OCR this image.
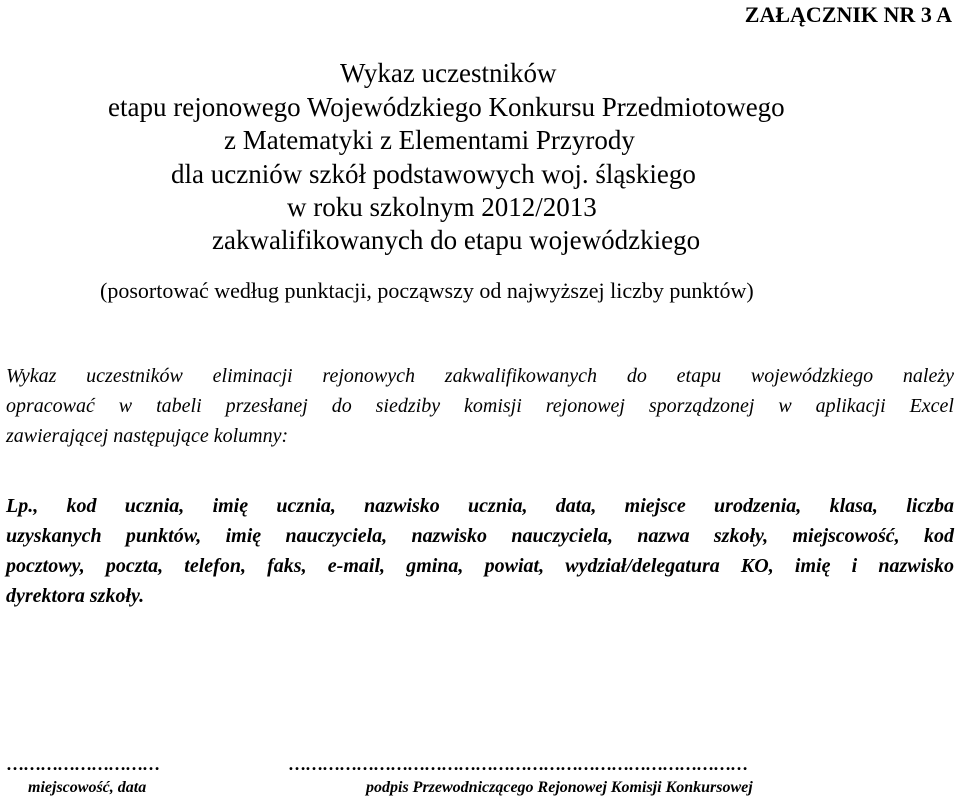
ZAŁĄCZNIK NR 3 A
Wykaz uczestników
etapu rejonowego Wojewódzkiego Konkursu Przedmiotowego
z Matematyki z Elementami Przyrody
dla uczniów szkół podstawowych woj. śląskiego
w roku szkolnym 2012/2013
zakwalifikowanych do etapu wojewódzkiego
(posortować według punktacji, począwszy od najwyższej liczby punktów)
Wykaz uczestników eliminacji rejonowych zakwalifikowanych do etapu wojewódzkiego należy
opracować w tabeli przesłanej do siedziby komisji rejonowej sporządzonej w aplikacji Excel
zawierającej następujące kolumny:
Lp., kod ucznia, imię ucznia, nazwisko ucznia, data, miejsce urodzenia, klasa, liczba
uzyskanych punktów, imię nauczyciela, nazwisko nauczyciela, nazwa szkoły, miejscowość, kod
pocztowy, poczta, telefon, faks, e-mail, gmina, powiat, wydział/delegatura KO, imię i nazwisko
dyrektora szkoły.
………………………	………………………………………………………………………
miejscowość, data	podpis Przewodniczącego Rejonowej Komisji Konkursowej
